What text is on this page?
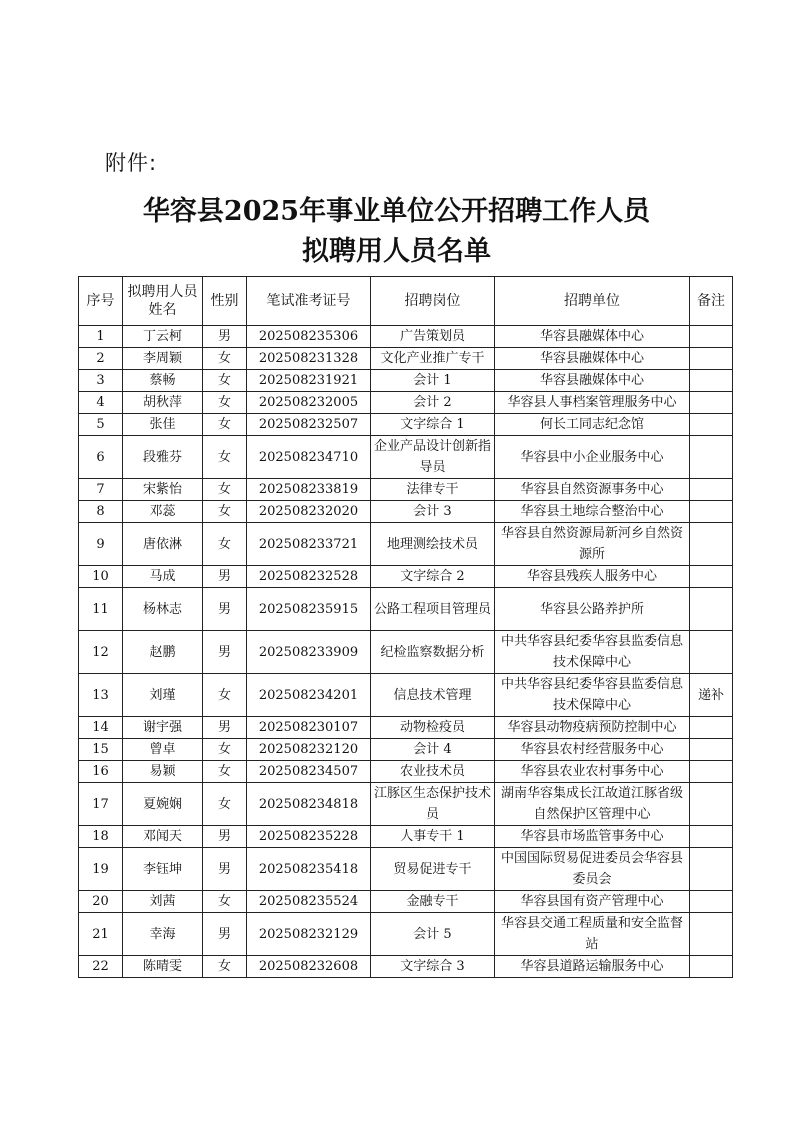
附件:
华容县2025年事业单位公开招聘工作人员
拟聘用人员名单
序号	拟聘用人员姓名	性别	笔试准考证号	招聘岗位	招聘单位	备注
1	丁云柯	男	202508235306	广告策划员	华容县融媒体中心	
2	李周颖	女	202508231328	文化产业推广专干	华容县融媒体中心	
3	蔡畅	女	202508231921	会计 1	华容县融媒体中心	
4	胡秋萍	女	202508232005	会计 2	华容县人事档案管理服务中心	
5	张佳	女	202508232507	文字综合 1	何长工同志纪念馆	
6	段雅芬	女	202508234710	企业产品设计创新指导员	华容县中小企业服务中心	
7	宋紫怡	女	202508233819	法律专干	华容县自然资源事务中心	
8	邓蕊	女	202508232020	会计 3	华容县土地综合整治中心	
9	唐依淋	女	202508233721	地理测绘技术员	华容县自然资源局新河乡自然资源所	
10	马成	男	202508232528	文字综合 2	华容县残疾人服务中心	
11	杨林志	男	202508235915	公路工程项目管理员	华容县公路养护所	
12	赵鹏	男	202508233909	纪检监察数据分析	中共华容县纪委华容县监委信息技术保障中心	
13	刘瑾	女	202508234201	信息技术管理	中共华容县纪委华容县监委信息技术保障中心	递补
14	谢宇强	男	202508230107	动物检疫员	华容县动物疫病预防控制中心	
15	曾卓	女	202508232120	会计 4	华容县农村经营服务中心	
16	易颖	女	202508234507	农业技术员	华容县农业农村事务中心	
17	夏婉娴	女	202508234818	江豚区生态保护技术员	湖南华容集成长江故道江豚省级自然保护区管理中心	
18	邓闻天	男	202508235228	人事专干 1	华容县市场监管事务中心	
19	李钰坤	男	202508235418	贸易促进专干	中国国际贸易促进委员会华容县委员会	
20	刘茜	女	202508235524	金融专干	华容县国有资产管理中心	
21	幸海	男	202508232129	会计 5	华容县交通工程质量和安全监督站	
22	陈晴雯	女	202508232608	文字综合 3	华容县道路运输服务中心	
